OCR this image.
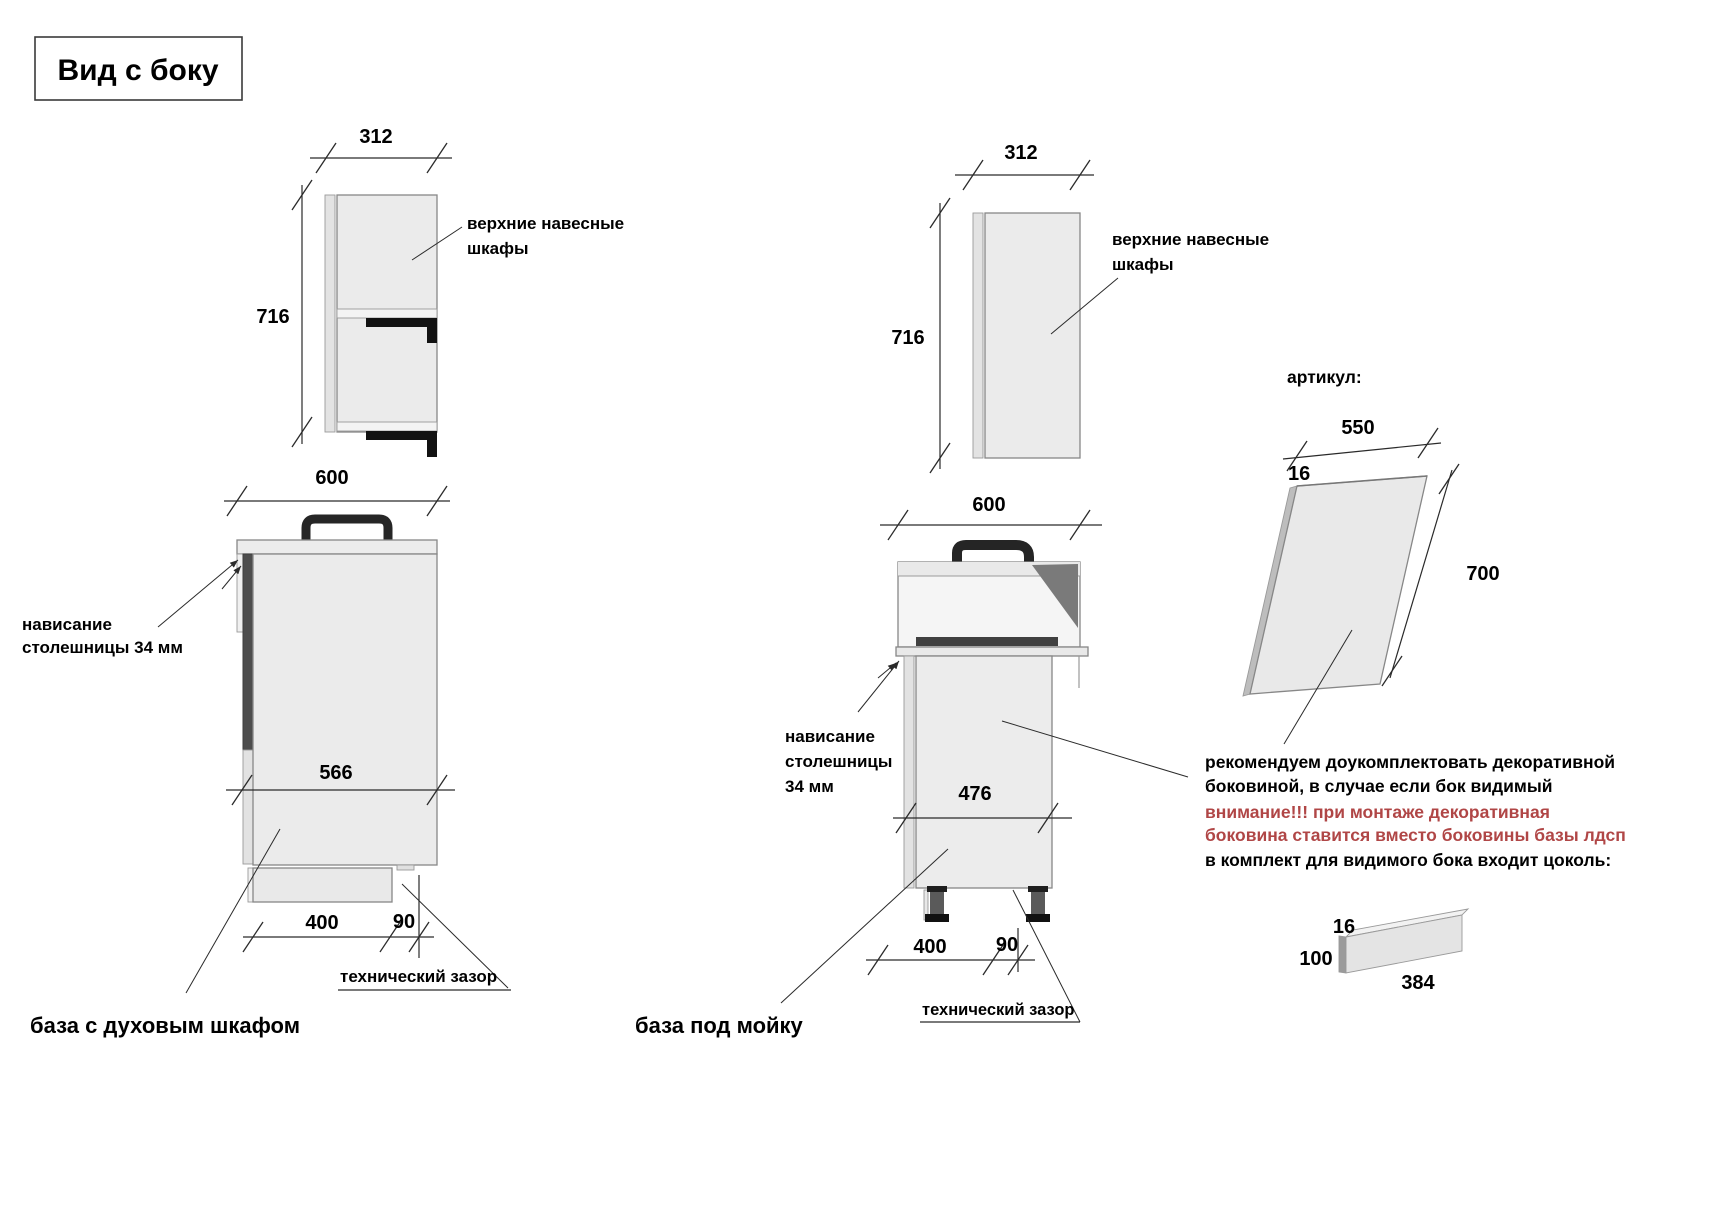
Вид с боку
312
716
верхние навесные
шкафы
600
нависание
столешницы 34 мм
566
400	90
технический зазор
база с духовым шкафом
312
716
верхние навесные
шкафы
600
нависание
столешницы
34 мм	476
400 90
технический зазор
база под мойку
артикул:
550
16
700
рекомендуем доукомплектовать декоративной
боковиной, в случае если бок видимый
внимание!!! при монтаже декоративная
боковина ставится вместо боковины базы лдсп
в комплект для видимого бока входит цоколь:
16
100
384
